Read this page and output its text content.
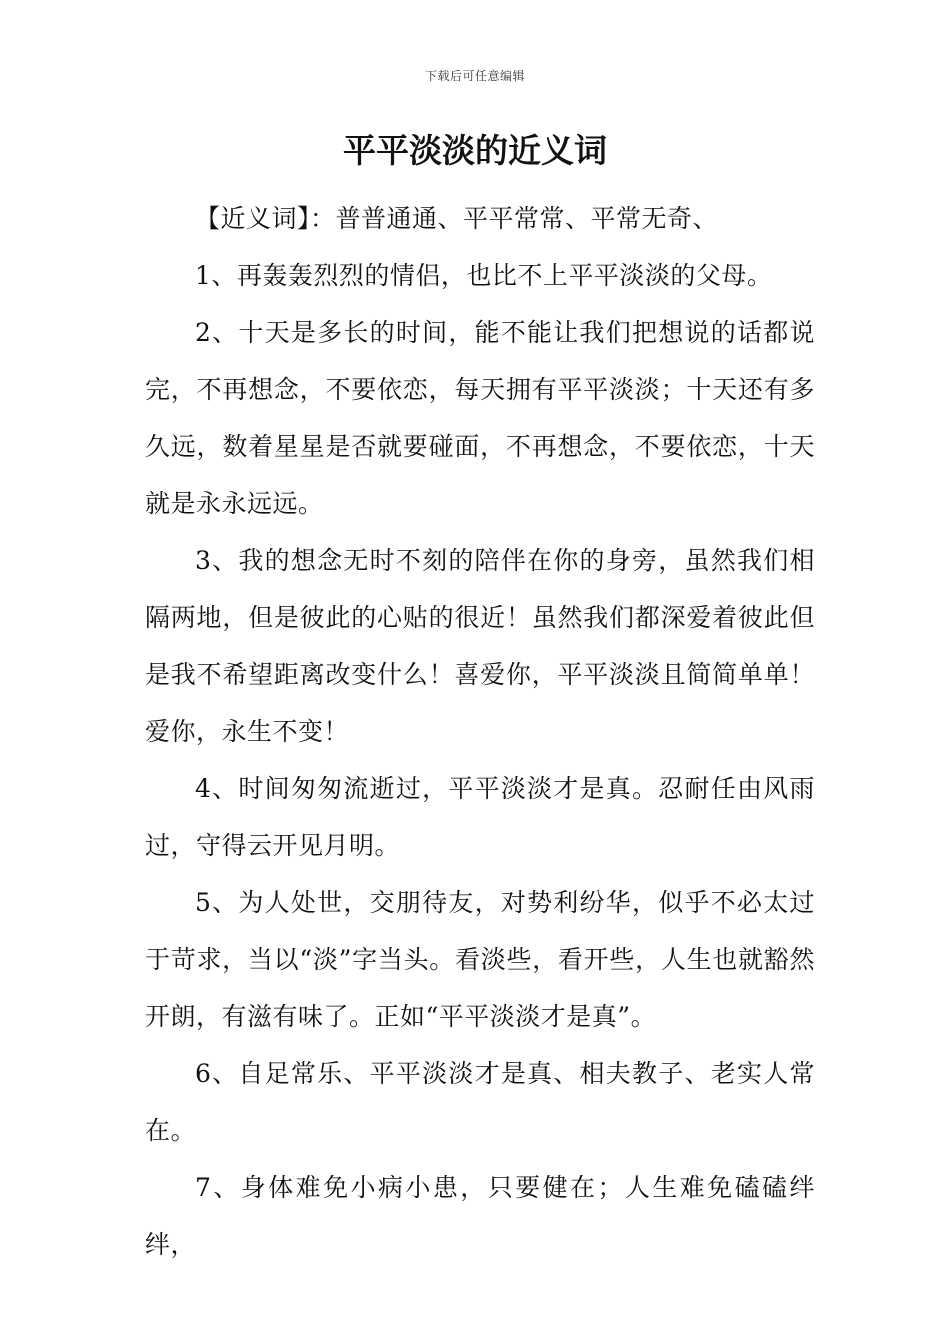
下载后可任意编辑
平平淡淡的近义词

【近义词】：普普通通、平平常常、平常无奇、

1、再轰轰烈烈的情侣，也比不上平平淡淡的父母。

2、十天是多长的时间，能不能让我们把想说的话都说完，不再想念，不要依恋，每天拥有平平淡淡；十天还有多久远，数着星星是否就要碰面，不再想念，不要依恋，十天就是永永远远。

3、我的想念无时不刻的陪伴在你的身旁，虽然我们相隔两地，但是彼此的心贴的很近！虽然我们都深爱着彼此但是我不希望距离改变什么！喜爱你，平平淡淡且简简单单！爱你，永生不变！

4、时间匆匆流逝过，平平淡淡才是真。忍耐任由风雨过，守得云开见月明。

5、为人处世，交朋待友，对势利纷华，似乎不必太过于苛求，当以“淡”字当头。看淡些，看开些，人生也就豁然开朗，有滋有味了。正如“平平淡淡才是真”。

6、自足常乐、平平淡淡才是真、相夫教子、老实人常在。

7、身体难免小病小患，只要健在；人生难免磕磕绊绊，
